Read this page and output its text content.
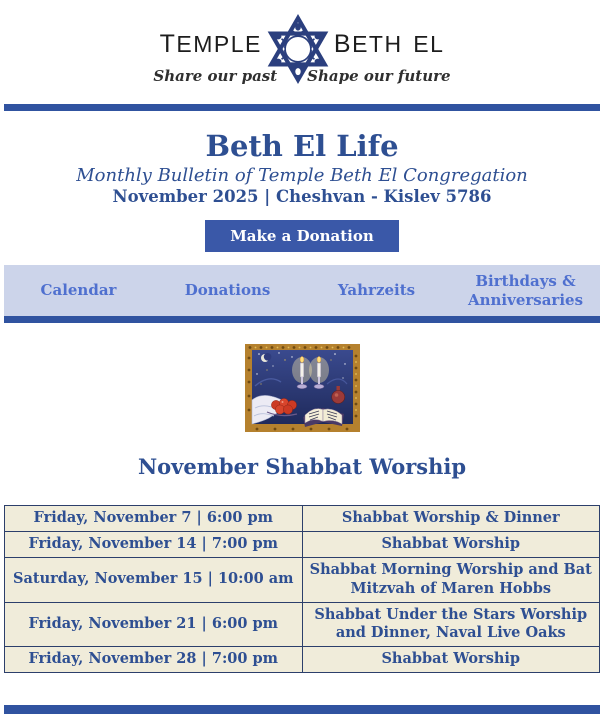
temple beth el
Share our past Shape our future
Beth El Life
Monthly Bulletin of Temple Beth El Congregation
November 2025 | Cheshvan - Kislev 5786
Make a Donation
Calendar	Donations	Yahrzeits
Birthdays & Anniversaries
November Shabbat Worship
Friday, November 7 | 6:00 pm	Shabbat Worship & Dinner
Friday, November 14 | 7:00 pm	Shabbat Worship
Saturday, November 15 | 10:00 am	Shabbat Morning Worship and Bat Mitzvah of Maren Hobbs
Friday, November 21 | 6:00 pm	Shabbat Under the Stars Worship and Dinner, Naval Live Oaks
Friday, November 28 | 7:00 pm	Shabbat Worship
